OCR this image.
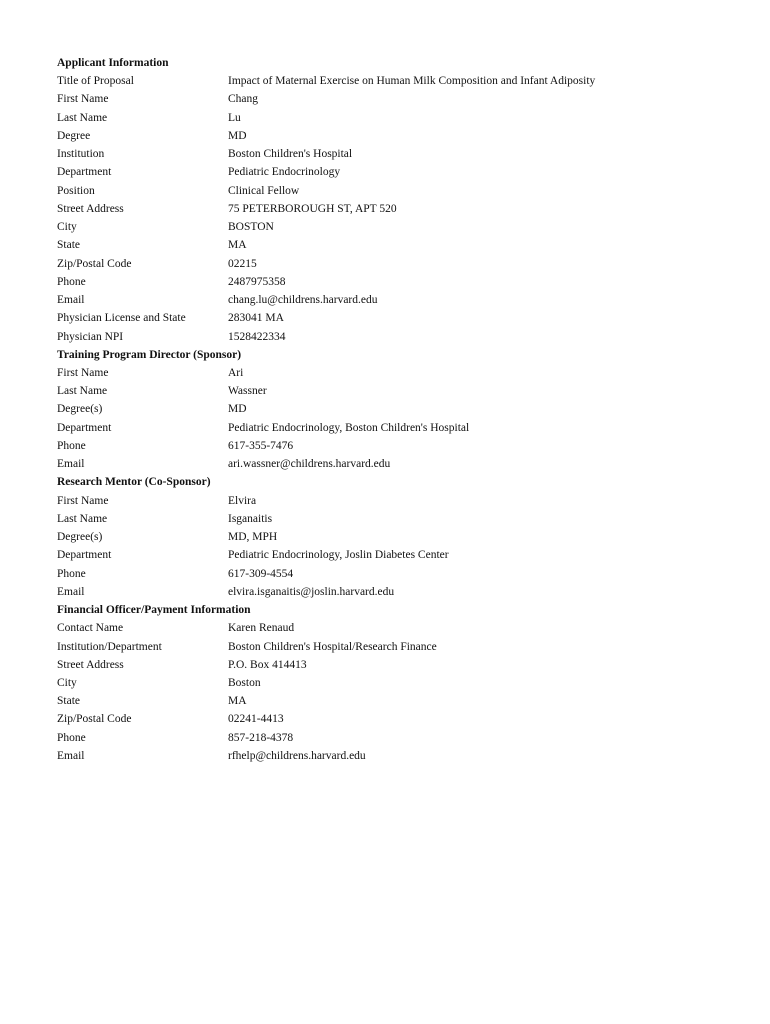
Applicant Information
Title of Proposal	Impact of Maternal Exercise on Human Milk Composition and Infant Adiposity
First Name	Chang
Last Name	Lu
Degree	MD
Institution	Boston Children's Hospital
Department	Pediatric Endocrinology
Position	Clinical Fellow
Street Address	75 PETERBOROUGH ST, APT 520
City	BOSTON
State	MA
Zip/Postal Code	02215
Phone	2487975358
Email	chang.lu@childrens.harvard.edu
Physician License and State	283041 MA
Physician NPI	1528422334
Training Program Director (Sponsor)
First Name	Ari
Last Name	Wassner
Degree(s)	MD
Department	Pediatric Endocrinology, Boston Children's Hospital
Phone	617-355-7476
Email	ari.wassner@childrens.harvard.edu
Research Mentor (Co-Sponsor)
First Name	Elvira
Last Name	Isganaitis
Degree(s)	MD, MPH
Department	Pediatric Endocrinology, Joslin Diabetes Center
Phone	617-309-4554
Email	elvira.isganaitis@joslin.harvard.edu
Financial Officer/Payment Information
Contact Name	Karen Renaud
Institution/Department	Boston Children's Hospital/Research Finance
Street Address	P.O. Box 414413
City	Boston
State	MA
Zip/Postal Code	02241-4413
Phone	857-218-4378
Email	rfhelp@childrens.harvard.edu
